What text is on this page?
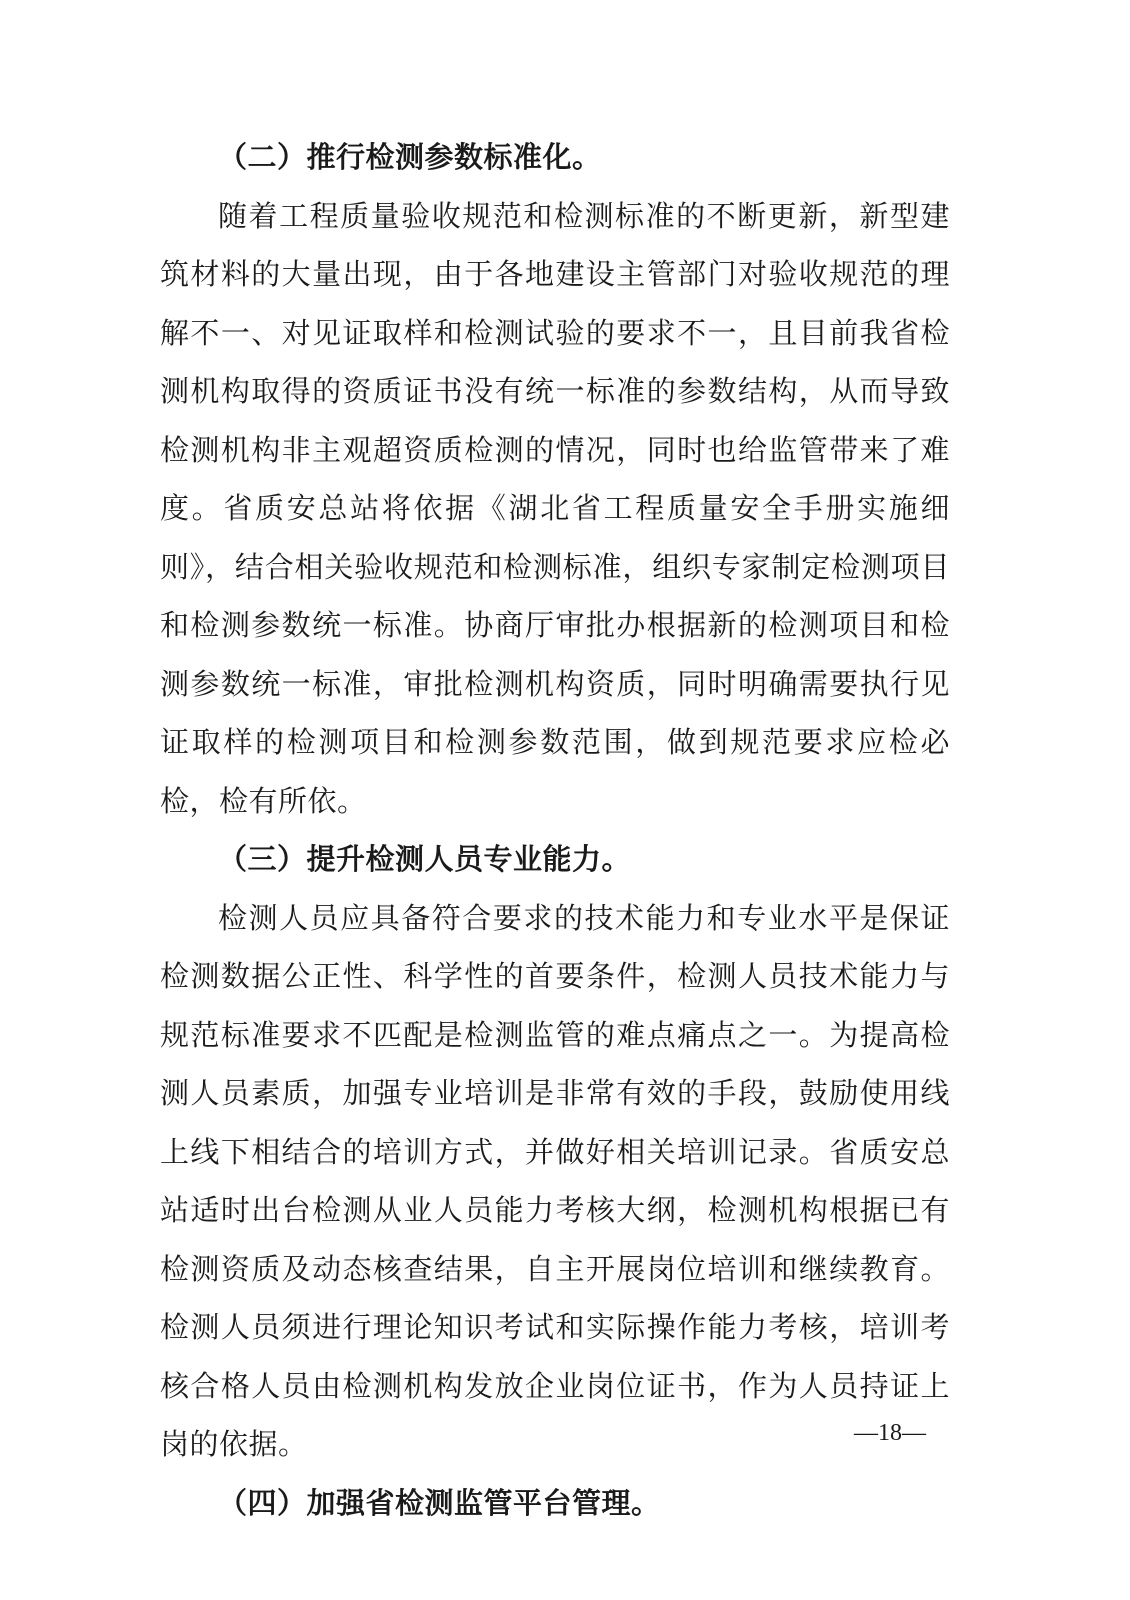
（二）推行检测参数标准化。

随着工程质量验收规范和检测标准的不断更新，新型建筑材料的大量出现，由于各地建设主管部门对验收规范的理解不一、对见证取样和检测试验的要求不一，且目前我省检测机构取得的资质证书没有统一标准的参数结构，从而导致检测机构非主观超资质检测的情况，同时也给监管带来了难度。省质安总站将依据《湖北省工程质量安全手册实施细则》，结合相关验收规范和检测标准，组织专家制定检测项目和检测参数统一标准。协商厅审批办根据新的检测项目和检测参数统一标准，审批检测机构资质，同时明确需要执行见证取样的检测项目和检测参数范围，做到规范要求应检必检，检有所依。

（三）提升检测人员专业能力。

检测人员应具备符合要求的技术能力和专业水平是保证检测数据公正性、科学性的首要条件，检测人员技术能力与规范标准要求不匹配是检测监管的难点痛点之一。为提高检测人员素质，加强专业培训是非常有效的手段，鼓励使用线上线下相结合的培训方式，并做好相关培训记录。省质安总站适时出台检测从业人员能力考核大纲，检测机构根据已有检测资质及动态核查结果，自主开展岗位培训和继续教育。检测人员须进行理论知识考试和实际操作能力考核，培训考核合格人员由检测机构发放企业岗位证书，作为人员持证上岗的依据。

（四）加强省检测监管平台管理。

—18—
